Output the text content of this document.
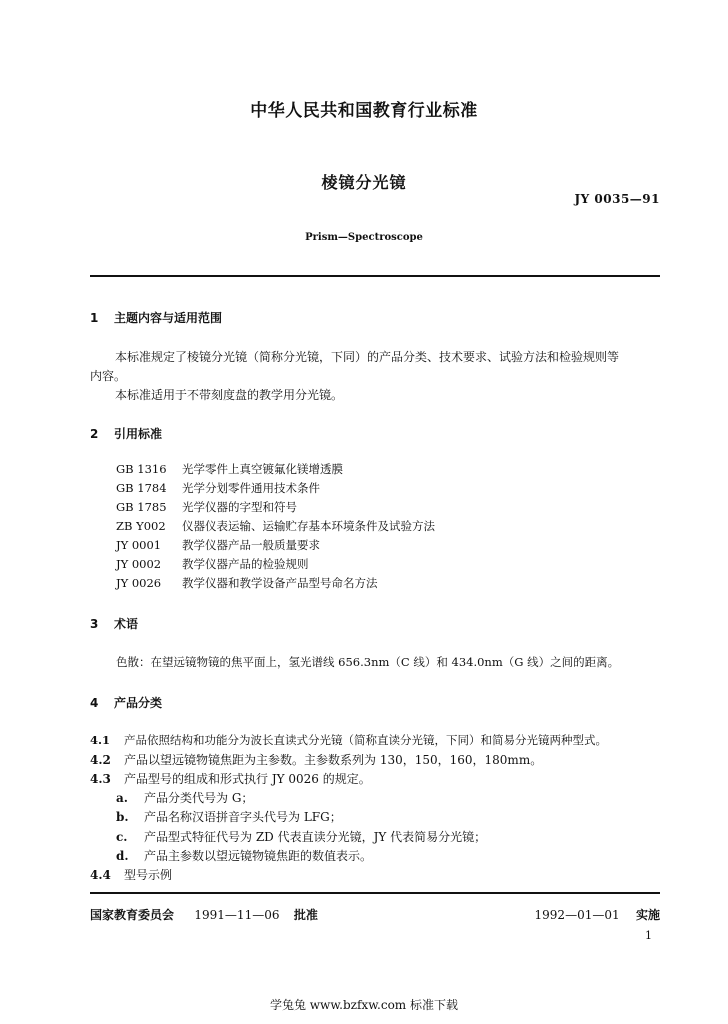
中华人民共和国教育行业标准
棱镜分光镜
JY 0035—91
Prism—Spectroscope
1 主题内容与适用范围
本标准规定了棱镜分光镜（简称分光镜，下同）的产品分类、技术要求、试验方法和检验规则等
内容。
本标准适用于不带刻度盘的教学用分光镜。
2 引用标准
GB 1316 光学零件上真空镀氟化镁增透膜
GB 1784 光学分划零件通用技术条件
GB 1785 光学仪器的字型和符号
ZB Y002 仪器仪表运输、运输贮存基本环境条件及试验方法
JY 0001 教学仪器产品一般质量要求
JY 0002 教学仪器产品的检验规则
JY 0026 教学仪器和教学设备产品型号命名方法
3 术语
色散：在望远镜物镜的焦平面上，氢光谱线 656.3nm（C 线）和 434.0nm（G 线）之间的距离。
4 产品分类
4.1 产品依照结构和功能分为波长直读式分光镜（简称直读分光镜，下同）和简易分光镜两种型式。
4.2 产品以望远镜物镜焦距为主参数。主参数系列为 130，150，160，180mm。
4.3 产品型号的组成和形式执行 JY 0026 的规定。
a. 产品分类代号为 G；
b. 产品名称汉语拼音字头代号为 LFG；
c. 产品型式特征代号为 ZD 代表直读分光镜，JY 代表简易分光镜；
d. 产品主参数以望远镜物镜焦距的数值表示。
4.4 型号示例
国家教育委员会 1991—11—06 批准	1992—01—01 实施
1
学兔兔 www.bzfxw.com 标准下载
